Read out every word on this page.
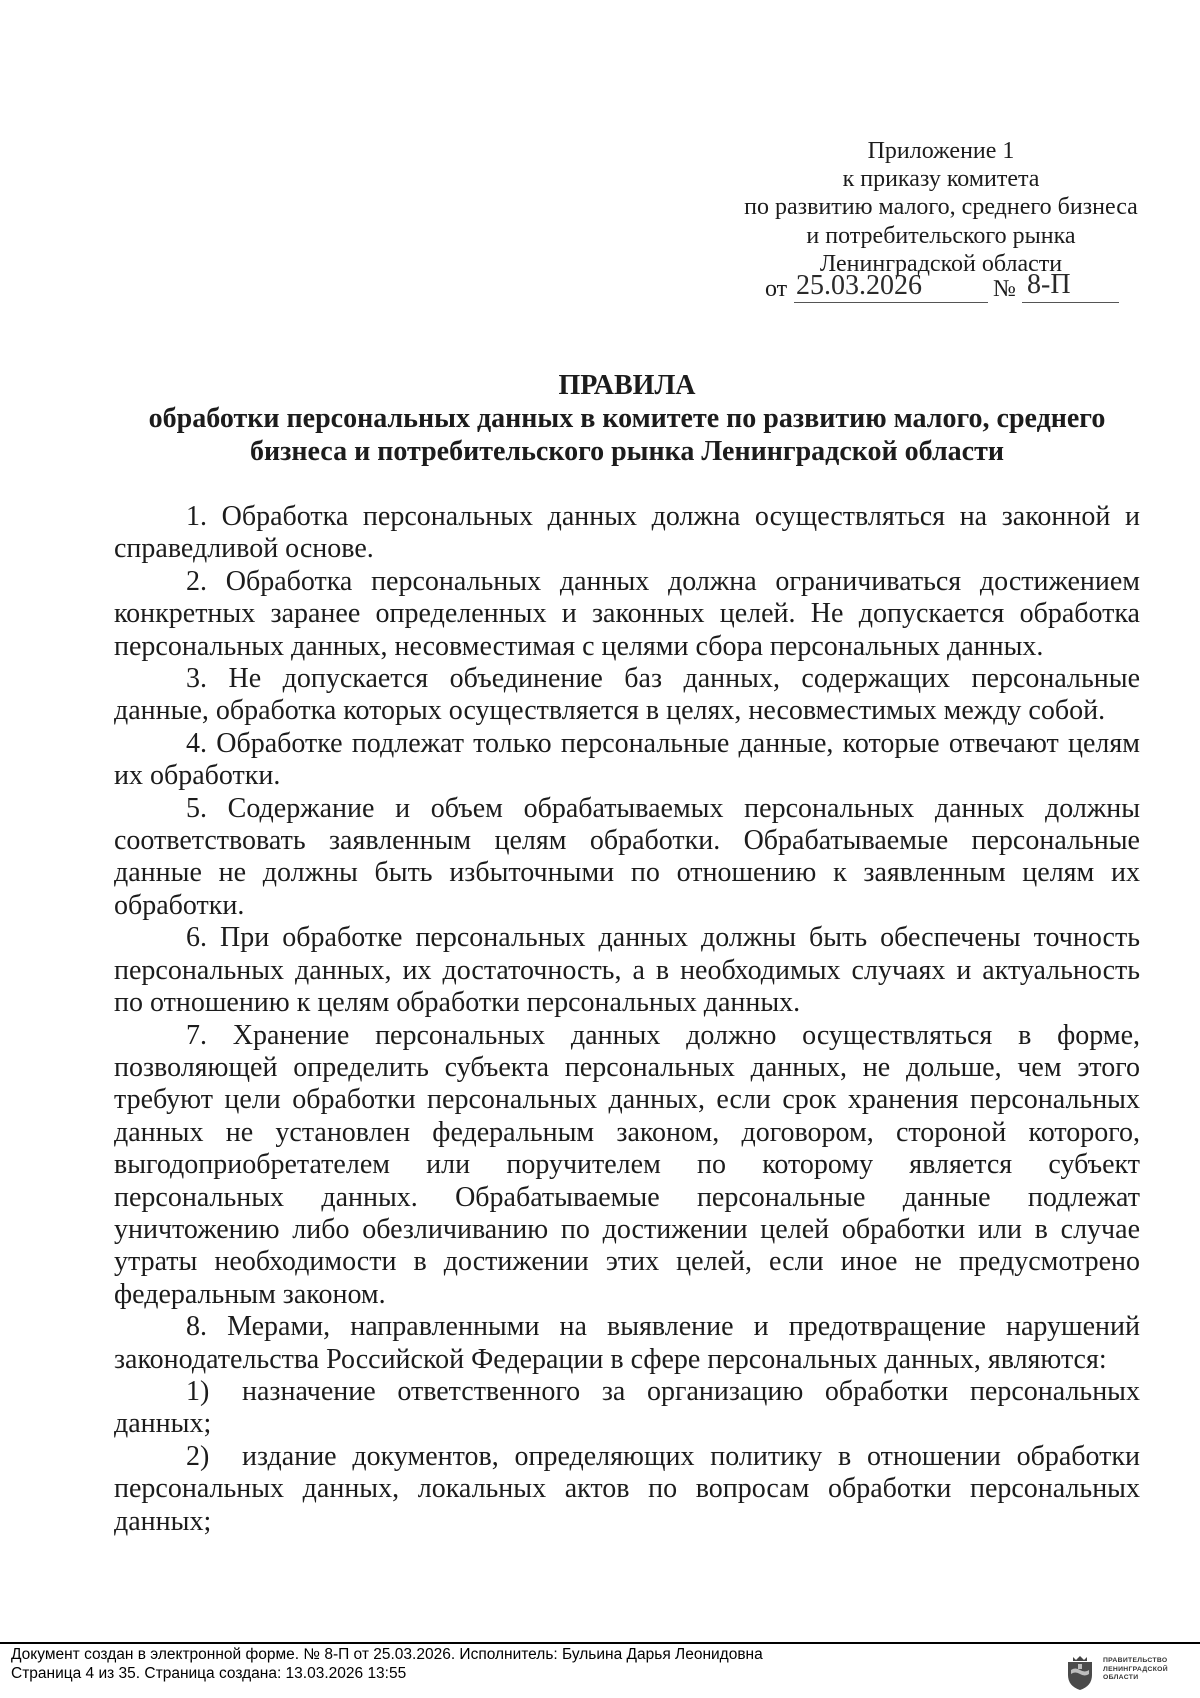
Приложение 1
к приказу комитета
по развитию малого, среднего бизнеса
и потребительского рынка
Ленинградской области
от 25.03.2026	№ 8-П
ПРАВИЛА
обработки персональных данных в комитете по развитию малого, среднего
бизнеса и потребительского рынка Ленинградской области

1. Обработка персональных данных должна осуществляться на законной и справедливой основе.

2. Обработка персональных данных должна ограничиваться достижением конкретных заранее определенных и законных целей. Не допускается обработка персональных данных, несовместимая с целями сбора персональных данных.

3. Не допускается объединение баз данных, содержащих персональные данные, обработка которых осуществляется в целях, несовместимых между собой.

4. Обработке подлежат только персональные данные, которые отвечают целям их обработки.

5. Содержание и объем обрабатываемых персональных данных должны соответствовать заявленным целям обработки. Обрабатываемые персональные данные не должны быть избыточными по отношению к заявленным целям их обработки.

6. При обработке персональных данных должны быть обеспечены точность персональных данных, их достаточность, а в необходимых случаях и актуальность по отношению к целям обработки персональных данных.

7. Хранение персональных данных должно осуществляться в форме, позволяющей определить субъекта персональных данных, не дольше, чем этого требуют цели обработки персональных данных, если срок хранения персональных данных не установлен федеральным законом, договором, стороной которого, выгодоприобретателем или поручителем по которому является субъект персональных данных. Обрабатываемые персональные данные подлежат уничтожению либо обезличиванию по достижении целей обработки или в случае утраты необходимости в достижении этих целей, если иное не предусмотрено федеральным законом.

8. Мерами, направленными на выявление и предотвращение нарушений законодательства Российской Федерации в сфере персональных данных, являются:

1) назначение ответственного за организацию обработки персональных данных;

2) издание документов, определяющих политику в отношении обработки персональных данных, локальных актов по вопросам обработки персональных данных;

Документ создан в электронной форме. № 8-П от 25.03.2026. Исполнитель: Бульина Дарья Леонидовна
Страница 4 из 35. Страница создана: 13.03.2026 13:55
ПРАВИТЕЛЬСТВО
ЛЕНИНГРАДСКОЙ
ОБЛАСТИ
